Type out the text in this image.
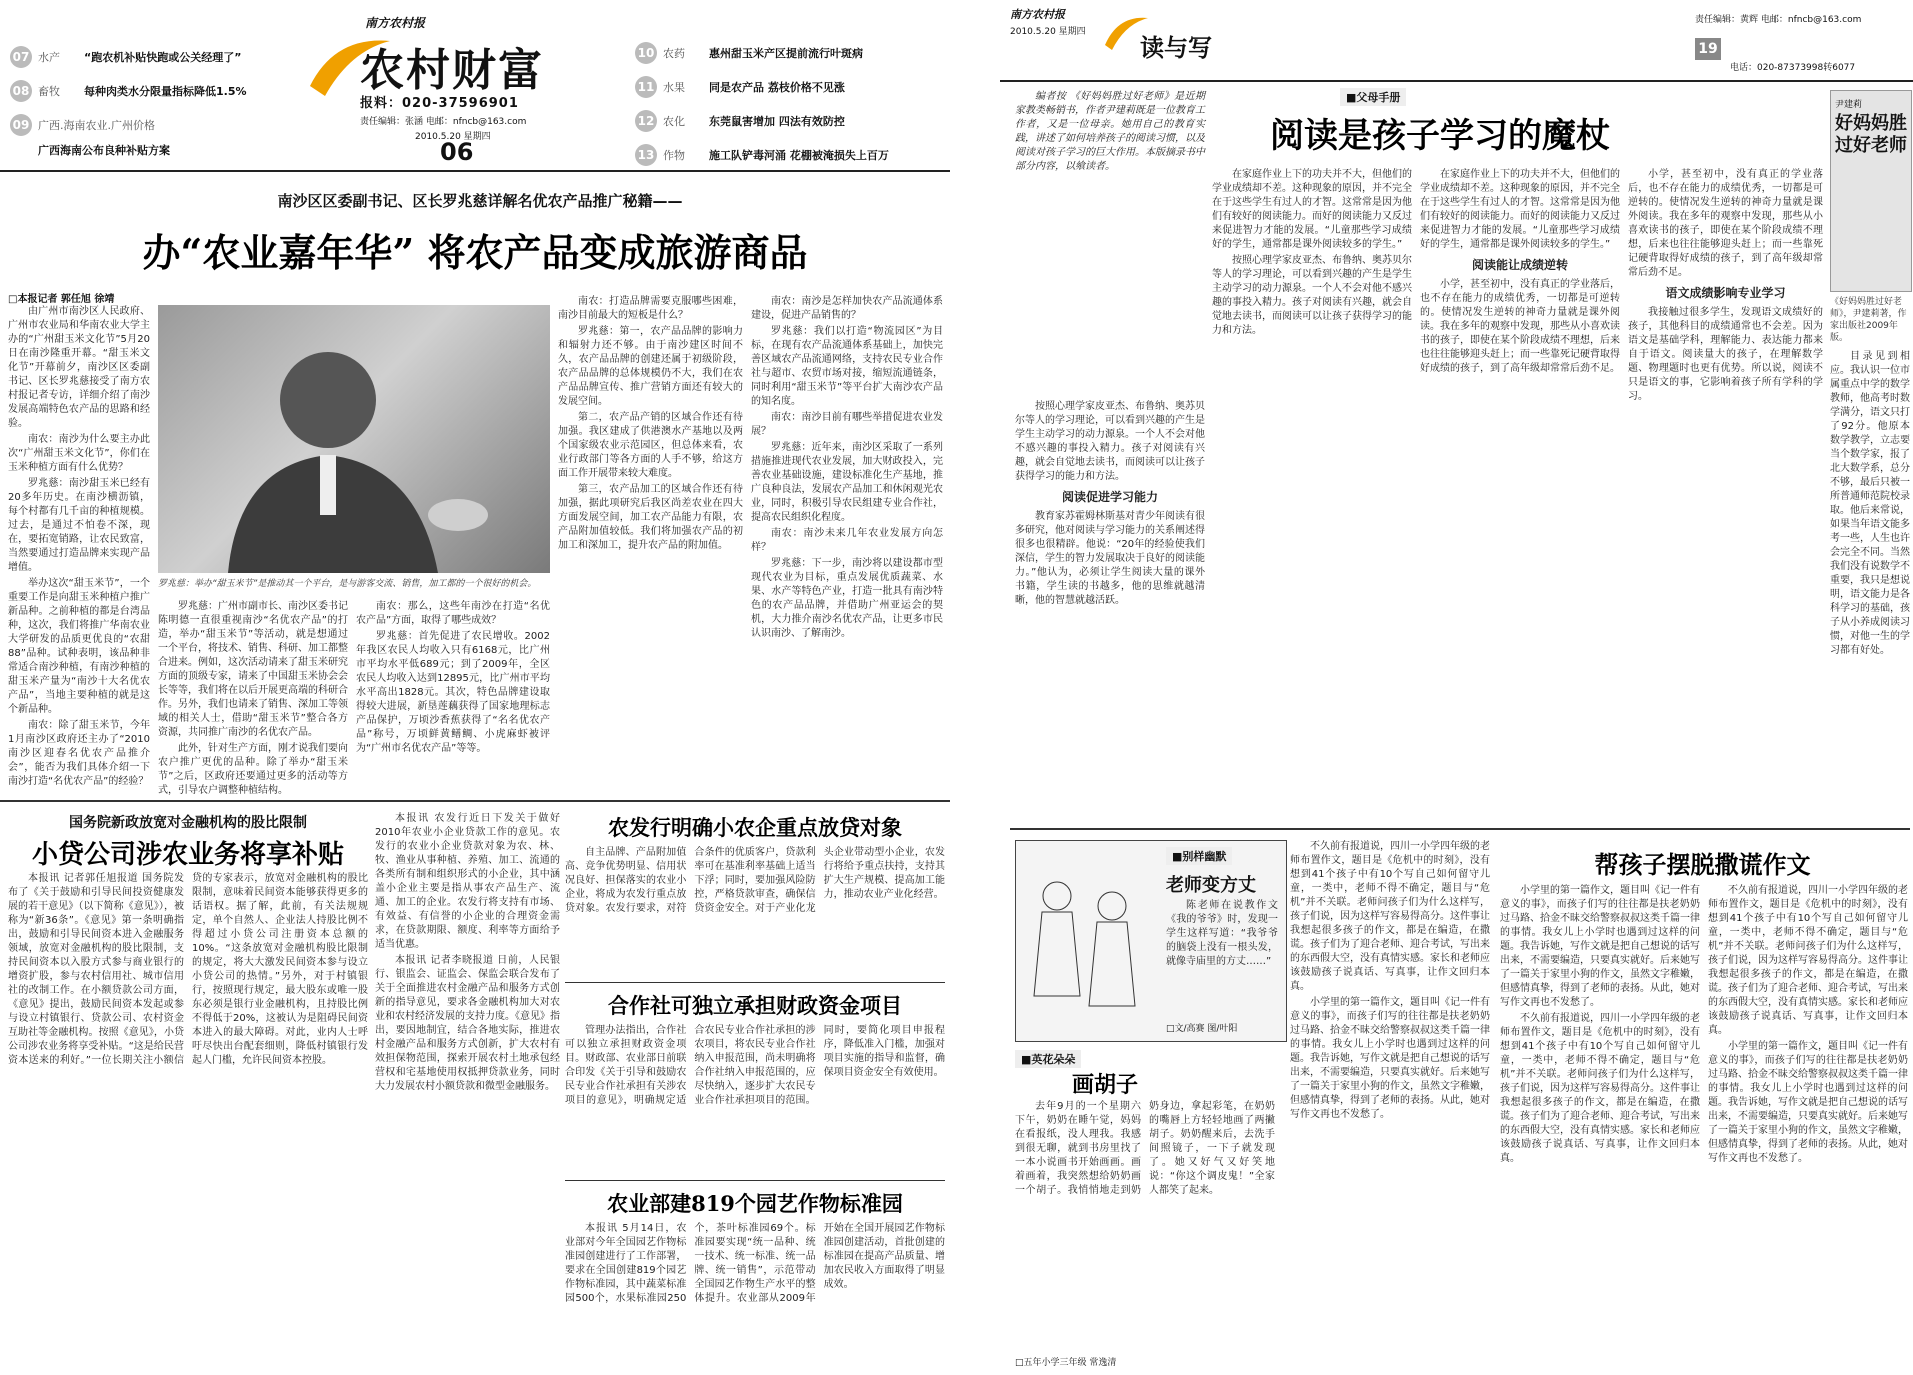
07 水产	“跑农机补贴快跑或公关经理了”
08 畜牧	每种肉类水分限量指标降低1.5%
09 广西.海南农业.广州价格
广西海南公布良种补贴方案
南方农村报
农村财富
报料：020-37596901
责任编辑：张涵 电邮：nfncb@163.com
2010.5.20 星期四
06
10 农药	惠州甜玉米产区提前流行叶斑病
11 水果	同是农产品 荔枝价格不见涨
12 农化	东莞鼠害增加 四法有效防控
13 作物	施工队铲毒河涌 花棚被淹损失上百万
南沙区区委副书记、区长罗兆慈详解名优农产品推广秘籍——
办“农业嘉年华” 将农产品变成旅游商品
□本报记者 郭任旭 徐靖

由广州市南沙区人民政府、广州市农业局和华南农业大学主办的“广州甜玉米文化节”5月20日在南沙隆重开幕。“甜玉米文化节”开幕前夕，南沙区区委副书记、区长罗兆慈接受了南方农村报记者专访，详细介绍了南沙发展高端特色农产品的思路和经验。

南农：南沙为什么要主办此次“广州甜玉米文化节”，你们在玉米种植方面有什么优势？

罗兆慈：南沙甜玉米已经有20多年历史。在南沙横沥镇，每个村都有几千亩的种植规模。过去，是通过不怕卷不深，现在，要拓宽销路，让农民致富，当然要通过打造品牌来实现产品增值。

举办这次“甜玉米节”，一个重要工作是向甜玉米种植户推广新品种。之前种植的都是台湾品种，这次，我们将推广华南农业大学研发的品质更优良的“农甜88”品种。试种表明，该品种非常适合南沙种植，有南沙种植的甜玉米产量为“南沙十大名优农产品”，当地主要种植的就是这个新品种。

南农：除了甜玉米节，今年1月南沙区政府还主办了“2010南沙区迎春名优农产品推介会”，能否为我们具体介绍一下南沙打造“名优农产品”的经验？

罗兆慈：举办“甜玉米节”是推动其一个平台，是与游客交流、销售，加工都的一个很好的机会。

罗兆慈：广州市副市长、南沙区委书记陈明德一直很重视南沙“名优农产品”的打造，举办“甜玉米节”等活动，就是想通过一个平台，将技术、销售、科研、加工都整合进来。例如，这次活动请来了甜玉米研究方面的顶级专家，请来了中国甜玉米协会会长等等，我们将在以后开展更高端的科研合作。另外，我们也请来了销售、深加工等领域的相关人士，借助“甜玉米节”整合各方资源，共同推广南沙的名优农产品。

此外，针对生产方面，刚才说我们要向农户推广更优的品种。除了举办“甜玉米节”之后，区政府还要通过更多的活动等方式，引导农户调整种植结构。

南农：那么，这些年南沙在打造“名优农产品”方面，取得了哪些成效？

罗兆慈：首先促进了农民增收。2002年我区农民人均收入只有6168元，比广州市平均水平低689元；到了2009年，全区农民人均收入达到12895元，比广州市平均水平高出1828元。其次，特色品牌建设取得较大进展，新垦莲藕获得了国家地理标志产品保护，万顷沙香蕉获得了“名名优农产品”称号，万顷鲜黄鳝鲷、小虎麻虾被评为“广州市名优农产品”等等。

南农：打造品牌需要克服哪些困难，南沙目前最大的短板是什么？

罗兆慈：第一，农产品品牌的影响力和辐射力还不够。由于南沙建区时间不久，农产品品牌的创建还属于初级阶段，农产品品牌的总体规模仍不大，我们在农产品品牌宣传、推广营销方面还有较大的发展空间。

第二，农产品产销的区域合作还有待加强。我区建成了供港澳水产基地以及两个国家级农业示范园区，但总体来看，农业行政部门等各方面的人手不够，给这方面工作开展带来较大难度。

第三，农产品加工的区域合作还有待加强，据此项研究后我区尚差农业在四大方面发展空间，加工农产品能力有限，农产品附加值较低。我们将加强农产品的初加工和深加工，提升农产品的附加值。

南农：南沙是怎样加快农产品流通体系建设，促进产品销售的？

罗兆慈：我们以打造“物流园区”为目标，在现有农产品流通体系基础上，加快完善区域农产品流通网络，支持农民专业合作社与超市、农贸市场对接，缩短流通链条，同时利用“甜玉米节”等平台扩大南沙农产品的知名度。

南农：南沙目前有哪些举措促进农业发展？

罗兆慈：近年来，南沙区采取了一系列措施推进现代农业发展，加大财政投入，完善农业基础设施，建设标准化生产基地，推广良种良法，发展农产品加工和休闲观光农业，同时，积极引导农民组建专业合作社，提高农民组织化程度。

南农：南沙未来几年农业发展方向怎样？

罗兆慈：下一步，南沙将以建设都市型现代农业为目标，重点发展优质蔬菜、水果、水产等特色产业，打造一批具有南沙特色的农产品品牌，并借助广州亚运会的契机，大力推介南沙名优农产品，让更多市民认识南沙、了解南沙。

国务院新政放宽对金融机构的股比限制
小贷公司涉农业务将享补贴

本报讯 记者郭任旭报道 国务院发布了《关于鼓励和引导民间投资健康发展的若干意见》（以下简称《意见》），被称为“新36条”。《意见》第一条明确指出，鼓励和引导民间资本进入金融服务领域，放宽对金融机构的股比限制，支持民间资本以入股方式参与商业银行的增资扩股，参与农村信用社、城市信用社的改制工作。在小额贷款公司方面，《意见》提出，鼓励民间资本发起或参与设立村镇银行、贷款公司、农村资金互助社等金融机构。按照《意见》，小贷公司涉农业务将享受补贴。“这是给民营资本送来的利好。”一位长期关注小额信贷的专家表示，放宽对金融机构的股比限制，意味着民间资本能够获得更多的话语权。据了解，此前，有关法规规定，单个自然人、企业法人持股比例不得超过小贷公司注册资本总额的10%。“这条放宽对金融机构股比限制的规定，将大大激发民间资本参与设立小贷公司的热情。”另外，对于村镇银行，按照现行规定，最大股东或唯一股东必须是银行业金融机构，且持股比例不得低于20%，这被认为是阻碍民间资本进入的最大障碍。对此，业内人士呼吁尽快出台配套细则，降低村镇银行发起人门槛，允许民间资本控股。

本报讯 农发行近日下发关于做好2010年农业小企业贷款工作的意见。农发行的农业小企业贷款对象为农、林、牧、渔业从事种植、养殖、加工、流通的各类所有制和组织形式的小企业，其中涵盖小企业主要是指从事农产品生产、流通、加工的企业。农发行将支持有市场、有效益、有信誉的小企业的合理资金需求，在贷款期限、额度、利率等方面给予适当优惠。

本报讯 记者李晓报道 日前，人民银行、银监会、证监会、保监会联合发布了关于全面推进农村金融产品和服务方式创新的指导意见，要求各金融机构加大对农业和农村经济发展的支持力度。《意见》指出，要因地制宜，结合各地实际，推进农村金融产品和服务方式创新，扩大农村有效担保物范围，探索开展农村土地承包经营权和宅基地使用权抵押贷款业务，同时大力发展农村小额贷款和微型金融服务。

农发行明确小农企重点放贷对象

自主品牌、产品附加值高、竞争优势明显、信用状况良好、担保落实的农业小企业，将成为农发行重点放贷对象。农发行要求，对符合条件的优质客户，贷款利率可在基准利率基础上适当下浮；同时，要加强风险防控，严格贷款审查，确保信贷资金安全。对于产业化龙头企业带动型小企业，农发行将给予重点扶持，支持其扩大生产规模、提高加工能力，推动农业产业化经营。

合作社可独立承担财政资金项目

管理办法指出，合作社可以独立承担财政资金项目。财政部、农业部日前联合印发《关于引导和鼓励农民专业合作社承担有关涉农项目的意见》，明确规定适合农民专业合作社承担的涉农项目，将农民专业合作社纳入申报范围，尚未明确将合作社纳入申报范围的，应尽快纳入，逐步扩大农民专业合作社承担项目的范围。同时，要简化项目申报程序，降低准入门槛，加强对项目实施的指导和监督，确保项目资金安全有效使用。

农业部建819个园艺作物标准园

本报讯 5月14日，农业部对今年全国园艺作物标准园创建进行了工作部署，要求在全国创建819个园艺作物标准园，其中蔬菜标准园500个，水果标准园250个，茶叶标准园69个。标准园要实现“统一品种、统一技术、统一标准、统一品牌、统一销售”，示范带动全国园艺作物生产水平的整体提升。农业部从2009年开始在全国开展园艺作物标准园创建活动，首批创建的标准园在提高产品质量、增加农民收入方面取得了明显成效。

南方农村报
2010.5.20 星期四
读与写
责任编辑：黄辉 电邮：nfncb@163.com
19
电话：020-87373998转6077

编者按 《好妈妈胜过好老师》是近期家教类畅销书，作者尹建莉既是一位教育工作者，又是一位母亲。她用自己的教育实践，讲述了如何培养孩子的阅读习惯，以及阅读对孩子学习的巨大作用。本版摘录书中部分内容，以飨读者。

■父母手册
阅读是孩子学习的魔杖

按照心理学家皮亚杰、布鲁纳、奥苏贝尔等人的学习理论，可以看到兴趣的产生是学生主动学习的动力源泉。一个人不会对他不感兴趣的事投入精力。孩子对阅读有兴趣，就会自觉地去读书，而阅读可以让孩子获得学习的能力和方法。

阅读促进学习能力

教育家苏霍姆林斯基对青少年阅读有很多研究，他对阅读与学习能力的关系阐述得很多也很精辟。他说：“20年的经验使我们深信，学生的智力发展取决于良好的阅读能力。”他认为，必须让学生阅读大量的课外书籍，学生读的书越多，他的思维就越清晰，他的智慧就越活跃。

在家庭作业上下的功夫并不大，但他们的学业成绩却不差。这种现象的原因，并不完全在于这些学生有过人的才智。这常常是因为他们有较好的阅读能力。而好的阅读能力又反过来促进智力才能的发展。“儿童那些学习成绩好的学生，通常都是课外阅读较多的学生。”

按照心理学家皮亚杰、布鲁纳、奥苏贝尔等人的学习理论，可以看到兴趣的产生是学生主动学习的动力源泉。一个人不会对他不感兴趣的事投入精力。孩子对阅读有兴趣，就会自觉地去读书，而阅读可以让孩子获得学习的能力和方法。

在家庭作业上下的功夫并不大，但他们的学业成绩却不差。这种现象的原因，并不完全在于这些学生有过人的才智。这常常是因为他们有较好的阅读能力。而好的阅读能力又反过来促进智力才能的发展。“儿童那些学习成绩好的学生，通常都是课外阅读较多的学生。”

阅读能让成绩逆转

小学，甚至初中，没有真正的学业落后，也不存在能力的成绩优秀，一切都是可逆转的。使情况发生逆转的神奇力量就是课外阅读。我在多年的观察中发现，那些从小喜欢读书的孩子，即使在某个阶段成绩不理想，后来也往往能够迎头赶上；而一些靠死记硬背取得好成绩的孩子，到了高年级却常常后劲不足。

小学，甚至初中，没有真正的学业落后，也不存在能力的成绩优秀，一切都是可逆转的。使情况发生逆转的神奇力量就是课外阅读。我在多年的观察中发现，那些从小喜欢读书的孩子，即使在某个阶段成绩不理想，后来也往往能够迎头赶上；而一些靠死记硬背取得好成绩的孩子，到了高年级却常常后劲不足。

语文成绩影响专业学习

我接触过很多学生，发现语文成绩好的孩子，其他科目的成绩通常也不会差。因为语文是基础学科，理解能力、表达能力都来自于语文。阅读量大的孩子，在理解数学题、物理题时也更有优势。所以说，阅读不只是语文的事，它影响着孩子所有学科的学习。

尹建莉
好妈妈胜过好老师
《好妈妈胜过好老师》，尹建莉著，作家出版社2009年版。

目录见到相应。我认识一位市属重点中学的数学教师，他高考时数学满分，语文只打了92分。他原本数学教学，立志要当个数学家，报了北大数学系，总分不够，最后只被一所普通师范院校录取。他后来常说，如果当年语文能多考一些，人生也许会完全不同。当然我们没有说数学不重要，我只是想说明，语文能力是各科学习的基础，孩子从小养成阅读习惯，对他一生的学习都有好处。

■别样幽默
老师变方丈

陈老师在说教作文《我的爷爷》时，发现一学生这样写道：“我爷爷的脑袋上没有一根头发，就像寺庙里的方丈……”

□文/高赛 图/叶阳
■英花朵朵
画胡子

去年9月的一个星期六下午，奶奶在睡午觉，妈妈在看报纸，没人理我。我感到很无聊，就到书房里找了一本小说画书开始画画。画着画着，我突然想给奶奶画一个胡子。我悄悄地走到奶奶身边，拿起彩笔，在奶奶的嘴唇上方轻轻地画了两撇胡子。奶奶醒来后，去洗手间照镜子，一下子就发现了。她又好气又好笑地说：“你这个调皮鬼！”全家人都笑了起来。

□五年小学三年级 常逸清

不久前有报道说，四川一小学四年级的老师布置作文，题目是《危机中的时刻》，没有想到41个孩子中有10个写自己如何留守儿童，一类中，老师不得不确定，题目与“危机”并不关联。老师问孩子们为什么这样写，孩子们说，因为这样写容易得高分。这件事让我想起很多孩子的作文，都是在编造，在撒谎。孩子们为了迎合老师、迎合考试，写出来的东西假大空，没有真情实感。家长和老师应该鼓励孩子说真话、写真事，让作文回归本真。

小学里的第一篇作文，题目叫《记一件有意义的事》，而孩子们写的往往都是扶老奶奶过马路、拾金不昧交给警察叔叔这类千篇一律的事情。我女儿上小学时也遇到过这样的问题。我告诉她，写作文就是把自己想说的话写出来，不需要编造，只要真实就好。后来她写了一篇关于家里小狗的作文，虽然文字稚嫩，但感情真挚，得到了老师的表扬。从此，她对写作文再也不发愁了。

帮孩子摆脱撒谎作文

小学里的第一篇作文，题目叫《记一件有意义的事》，而孩子们写的往往都是扶老奶奶过马路、拾金不昧交给警察叔叔这类千篇一律的事情。我女儿上小学时也遇到过这样的问题。我告诉她，写作文就是把自己想说的话写出来，不需要编造，只要真实就好。后来她写了一篇关于家里小狗的作文，虽然文字稚嫩，但感情真挚，得到了老师的表扬。从此，她对写作文再也不发愁了。

不久前有报道说，四川一小学四年级的老师布置作文，题目是《危机中的时刻》，没有想到41个孩子中有10个写自己如何留守儿童，一类中，老师不得不确定，题目与“危机”并不关联。老师问孩子们为什么这样写，孩子们说，因为这样写容易得高分。这件事让我想起很多孩子的作文，都是在编造，在撒谎。孩子们为了迎合老师、迎合考试，写出来的东西假大空，没有真情实感。家长和老师应该鼓励孩子说真话、写真事，让作文回归本真。

不久前有报道说，四川一小学四年级的老师布置作文，题目是《危机中的时刻》，没有想到41个孩子中有10个写自己如何留守儿童，一类中，老师不得不确定，题目与“危机”并不关联。老师问孩子们为什么这样写，孩子们说，因为这样写容易得高分。这件事让我想起很多孩子的作文，都是在编造，在撒谎。孩子们为了迎合老师、迎合考试，写出来的东西假大空，没有真情实感。家长和老师应该鼓励孩子说真话、写真事，让作文回归本真。

小学里的第一篇作文，题目叫《记一件有意义的事》，而孩子们写的往往都是扶老奶奶过马路、拾金不昧交给警察叔叔这类千篇一律的事情。我女儿上小学时也遇到过这样的问题。我告诉她，写作文就是把自己想说的话写出来，不需要编造，只要真实就好。后来她写了一篇关于家里小狗的作文，虽然文字稚嫩，但感情真挚，得到了老师的表扬。从此，她对写作文再也不发愁了。
